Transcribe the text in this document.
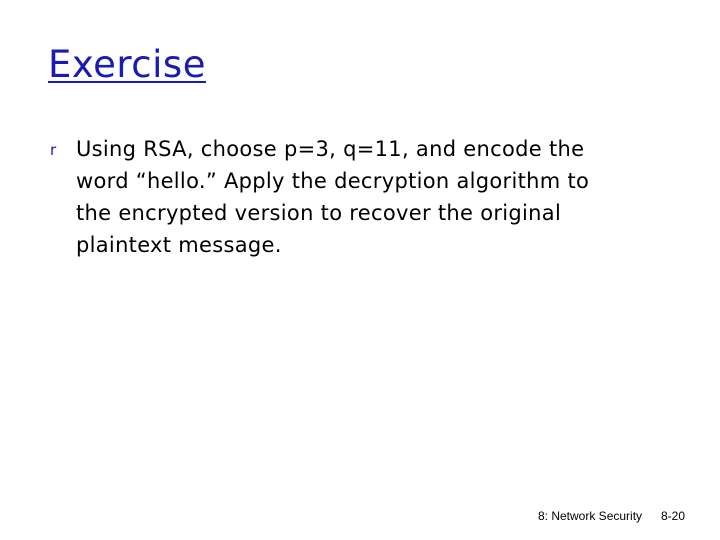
Exercise
r Using RSA, choose p=3, q=11, and encode the word “hello.” Apply the decryption algorithm to the encrypted version to recover the original plaintext message.

8: Network Security 8-20
